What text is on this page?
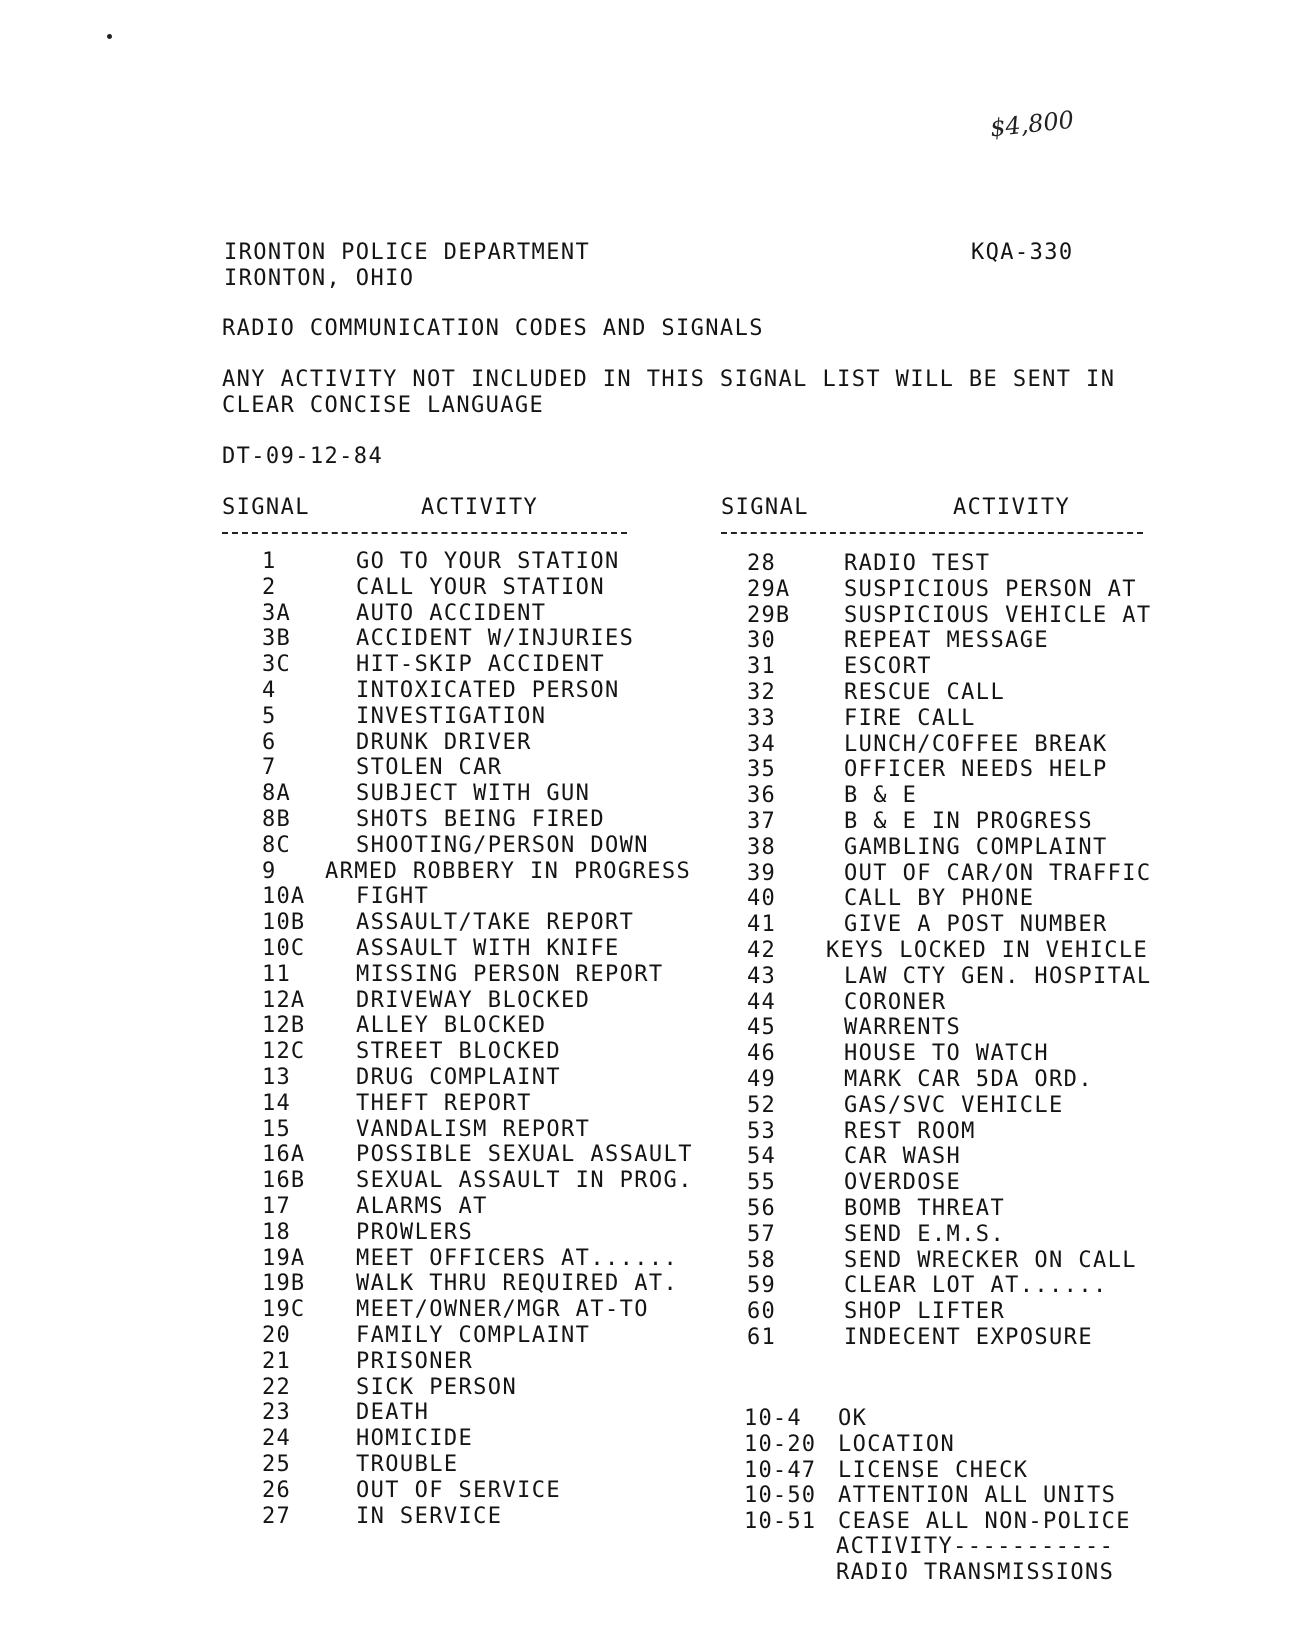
$4,800
IRONTON POLICE DEPARTMENT	KQA-330
IRONTON, OHIO
RADIO COMMUNICATION CODES AND SIGNALS
ANY ACTIVITY NOT INCLUDED IN THIS SIGNAL LIST WILL BE SENT IN
CLEAR CONCISE LANGUAGE
DT-09-12-84
SIGNAL	ACTIVITY	SIGNAL	ACTIVITY
1	GO TO YOUR STATION
2	CALL YOUR STATION
3A	AUTO ACCIDENT
3B	ACCIDENT W/INJURIES
3C	HIT-SKIP ACCIDENT
4	INTOXICATED PERSON
5	INVESTIGATION
6	DRUNK DRIVER
7	STOLEN CAR
8A	SUBJECT WITH GUN
8B	SHOTS BEING FIRED
8C	SHOOTING/PERSON DOWN
9 ARMED ROBBERY IN PROGRESS
10A FIGHT
10B ASSAULT/TAKE REPORT
10C ASSAULT WITH KNIFE
11	MISSING PERSON REPORT
12A DRIVEWAY BLOCKED
12B ALLEY BLOCKED
12C STREET BLOCKED
13	DRUG COMPLAINT
14	THEFT REPORT
15	VANDALISM REPORT
16A POSSIBLE SEXUAL ASSAULT
16B SEXUAL ASSAULT IN PROG.
17	ALARMS AT
18	PROWLERS
19A MEET OFFICERS AT......
19B WALK THRU REQUIRED AT.
19C MEET/OWNER/MGR AT-TO
20	FAMILY COMPLAINT
21	PRISONER
22	SICK PERSON
23	DEATH
24	HOMICIDE
25	TROUBLE
26	OUT OF SERVICE
27	IN SERVICE
28	RADIO TEST
29A SUSPICIOUS PERSON AT
29B SUSPICIOUS VEHICLE AT
30	REPEAT MESSAGE
31	ESCORT
32	RESCUE CALL
33	FIRE CALL
34	LUNCH/COFFEE BREAK
35	OFFICER NEEDS HELP
36	B & E
37	B & E IN PROGRESS
38	GAMBLING COMPLAINT
39	OUT OF CAR/ON TRAFFIC
40	CALL BY PHONE
41	GIVE A POST NUMBER
42 KEYS LOCKED IN VEHICLE
43	LAW CTY GEN. HOSPITAL
44	CORONER
45	WARRENTS
46	HOUSE TO WATCH
49	MARK CAR 5DA ORD.
52	GAS/SVC VEHICLE
53	REST ROOM
54	CAR WASH
55	OVERDOSE
56	BOMB THREAT
57	SEND E.M.S.
58	SEND WRECKER ON CALL
59	CLEAR LOT AT......
60	SHOP LIFTER
61	INDECENT EXPOSURE
10-4 OK
10-20 LOCATION
10-47 LICENSE CHECK
10-50 ATTENTION ALL UNITS
10-51 CEASE ALL NON-POLICE
ACTIVITY-----------
RADIO TRANSMISSIONS
